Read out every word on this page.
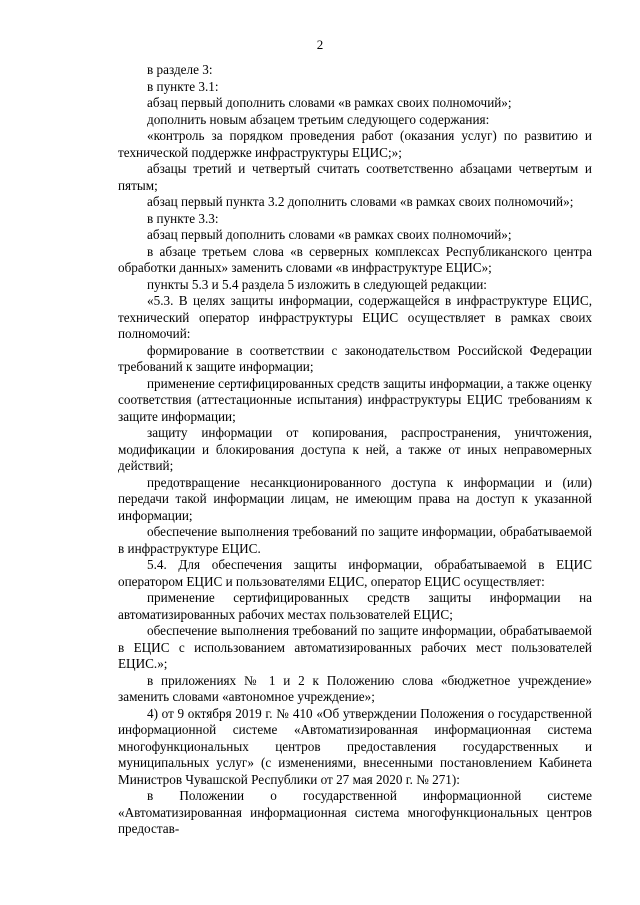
2

в разделе 3:

в пункте 3.1:

абзац первый дополнить словами «в рамках своих полномочий»;

дополнить новым абзацем третьим следующего содержания:

«контроль за порядком проведения работ (оказания услуг) по развитию и технической поддержке инфраструктуры ЕЦИС;»;

абзацы третий и четвертый считать соответственно абзацами четвертым и пятым;

абзац первый пункта 3.2 дополнить словами «в рамках своих полномочий»;

в пункте 3.3:

абзац первый дополнить словами «в рамках своих полномочий»;

в абзаце третьем слова «в серверных комплексах Республиканского центра обработки данных» заменить словами «в инфраструктуре ЕЦИС»;

пункты 5.3 и 5.4 раздела 5 изложить в следующей редакции:

«5.3. В целях защиты информации, содержащейся в инфраструктуре ЕЦИС, технический оператор инфраструктуры ЕЦИС осуществляет в рамках своих полномочий:

формирование в соответствии с законодательством Российской Федерации требований к защите информации;

применение сертифицированных средств защиты информации, а также оценку соответствия (аттестационные испытания) инфраструктуры ЕЦИС требованиям к защите информации;

защиту информации от копирования, распространения, уничтожения, модификации и блокирования доступа к ней, а также от иных неправомерных действий;

предотвращение несанкционированного доступа к информации и (или) передачи такой информации лицам, не имеющим права на доступ к указанной информации;

обеспечение выполнения требований по защите информации, обрабатываемой в инфраструктуре ЕЦИС.

5.4. Для обеспечения защиты информации, обрабатываемой в ЕЦИС оператором ЕЦИС и пользователями ЕЦИС, оператор ЕЦИС осуществляет:

применение сертифицированных средств защиты информации на автоматизированных рабочих местах пользователей ЕЦИС;

обеспечение выполнения требований по защите информации, обрабатываемой в ЕЦИС с использованием автоматизированных рабочих мест пользователей ЕЦИС.»;

в приложениях № 1 и 2 к Положению слова «бюджетное учреждение» заменить словами «автономное учреждение»;

4) от 9 октября 2019 г. № 410 «Об утверждении Положения о государственной информационной системе «Автоматизированная информационная система многофункциональных центров предоставления государственных и муниципальных услуг» (с изменениями, внесенными постановлением Кабинета Министров Чувашской Республики от 27 мая 2020 г. № 271):

в Положении о государственной информационной системе «Автоматизированная информационная система многофункциональных центров предостав-
